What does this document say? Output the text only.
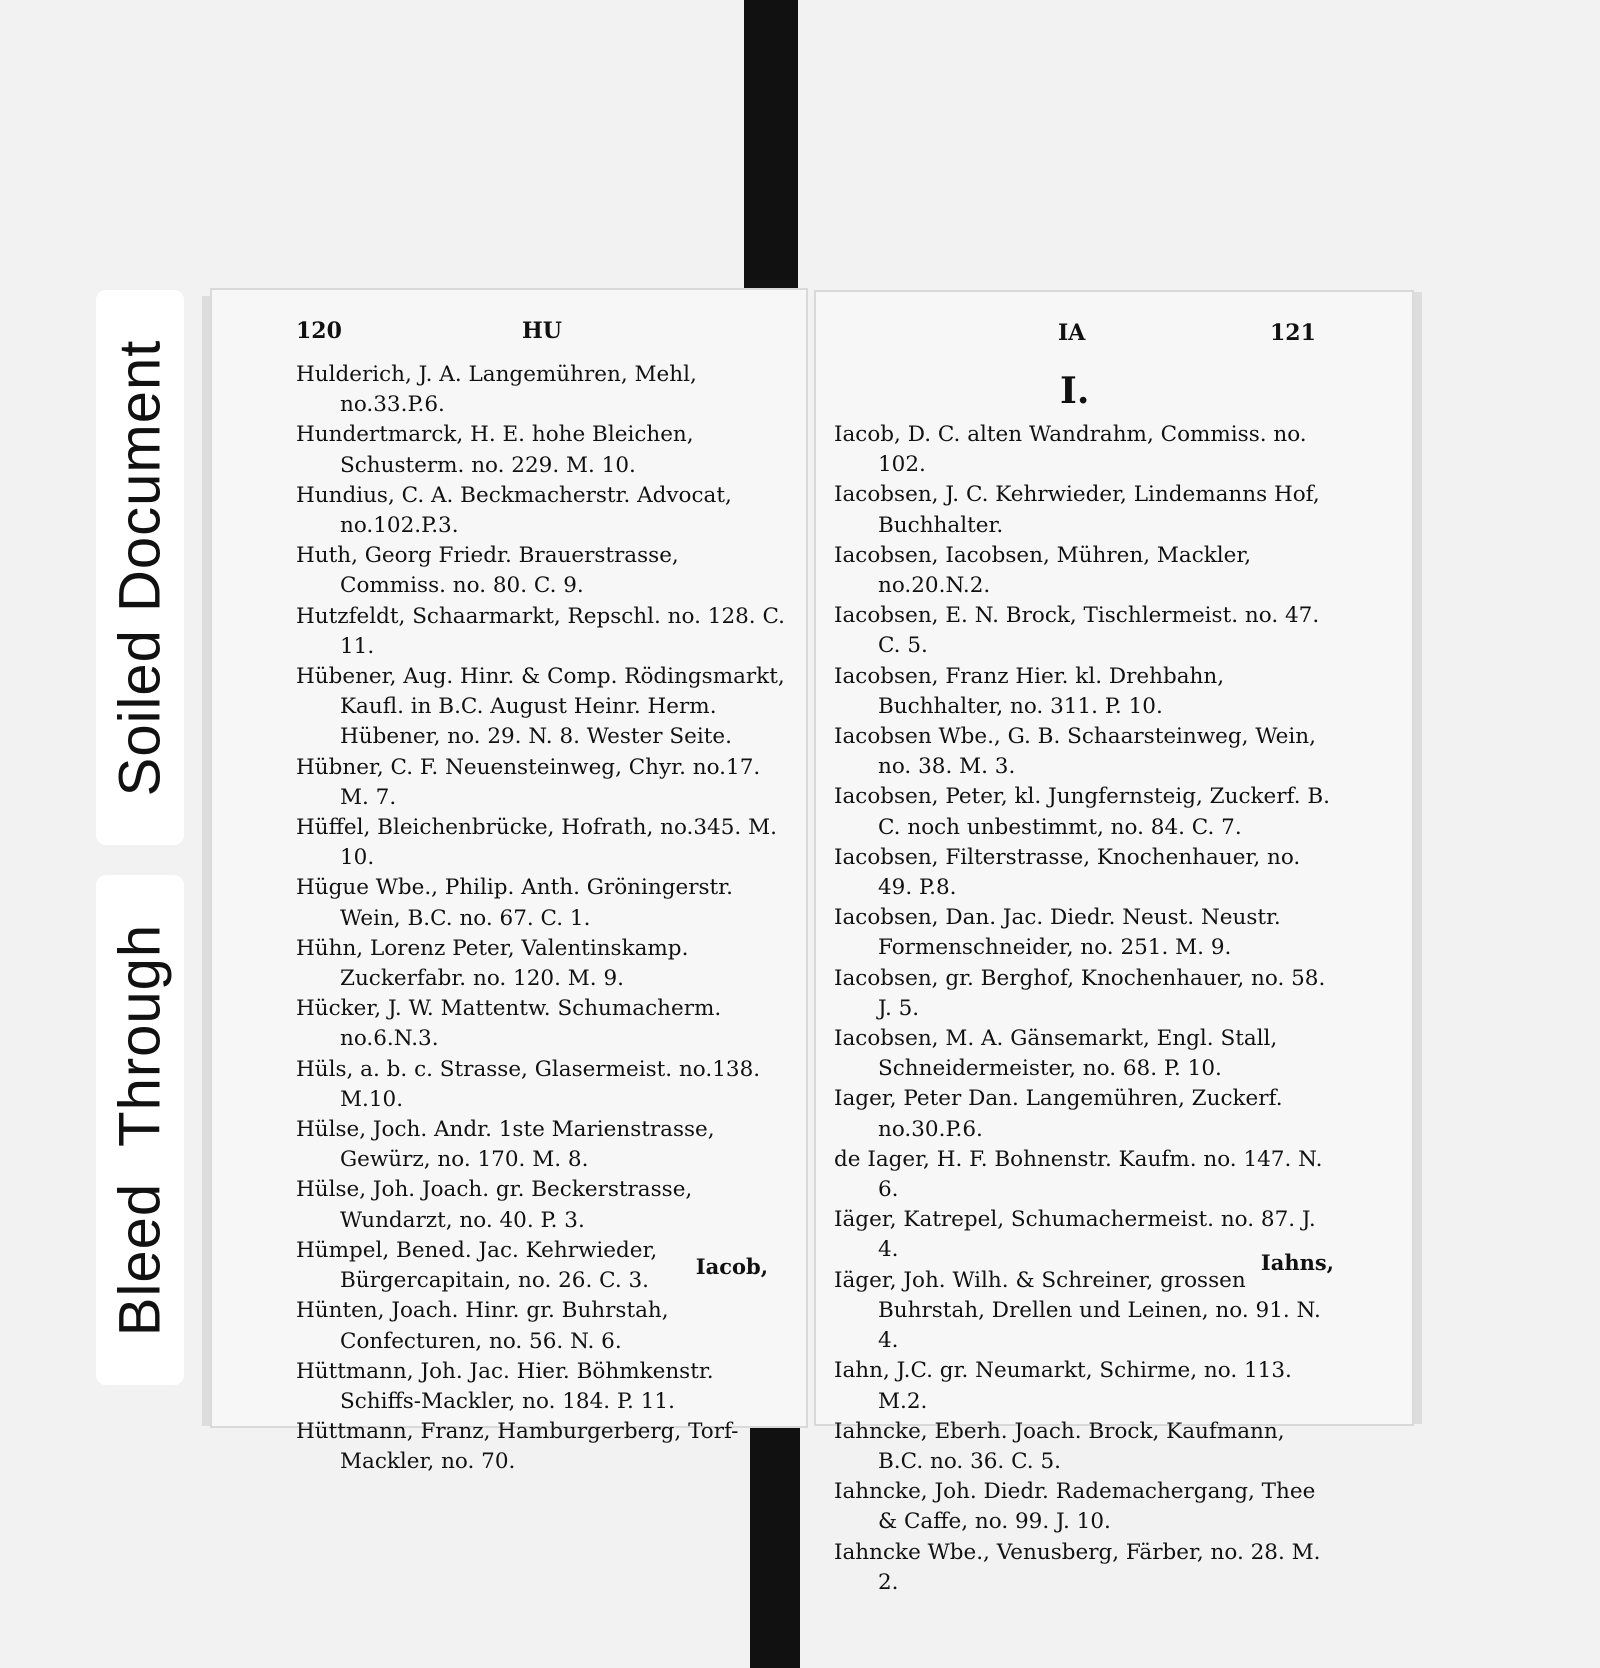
Soiled Document
BleedThrough
120	HU
Hulderich, J. A. Langemühren, Mehl, no.33.P.6.
Hundertmarck, H. E. hohe Bleichen, Schusterm. no. 229. M. 10.
Hundius, C. A. Beckmacherstr. Advocat, no.102.P.3.
Huth, Georg Friedr. Brauerstrasse, Commiss. no. 80. C. 9.
Hutzfeldt, Schaarmarkt, Repschl. no. 128. C. 11.
Hübener, Aug. Hinr. & Comp. Rödingsmarkt, Kaufl. in B.C. August Heinr. Herm. Hübener, no. 29. N. 8. Wester Seite.
Hübner, C. F. Neuensteinweg, Chyr. no.17. M. 7.
Hüffel, Bleichenbrücke, Hofrath, no.345. M. 10.
Hügue Wbe., Philip. Anth. Gröningerstr. Wein, B.C. no. 67. C. 1.
Hühn, Lorenz Peter, Valentinskamp. Zuckerfabr. no. 120. M. 9.
Hücker, J. W. Mattentw. Schumacherm. no.6.N.3.
Hüls, a. b. c. Strasse, Glasermeist. no.138. M.10.
Hülse, Joch. Andr. 1ste Marienstrasse, Gewürz, no. 170. M. 8.
Hülse, Joh. Joach. gr. Beckerstrasse, Wundarzt, no. 40. P. 3.
Hümpel, Bened. Jac. Kehrwieder, Bürgercapitain, no. 26. C. 3.
Hünten, Joach. Hinr. gr. Buhrstah, Confecturen, no. 56. N. 6.
Hüttmann, Joh. Jac. Hier. Böhmkenstr. Schiffs-Mackler, no. 184. P. 11.
Hüttmann, Franz, Hamburgerberg, Torf-Mackler, no. 70.
Iacob,
IA	121
I.
Iacob, D. C. alten Wandrahm, Commiss. no. 102.
Iacobsen, J. C. Kehrwieder, Lindemanns Hof, Buchhalter.
Iacobsen, Iacobsen, Mühren, Mackler, no.20.N.2.
Iacobsen, E. N. Brock, Tischlermeist. no. 47. C. 5.
Iacobsen, Franz Hier. kl. Drehbahn, Buchhalter, no. 311. P. 10.
Iacobsen Wbe., G. B. Schaarsteinweg, Wein, no. 38. M. 3.
Iacobsen, Peter, kl. Jungfernsteig, Zuckerf. B. C. noch unbestimmt, no. 84. C. 7.
Iacobsen, Filterstrasse, Knochenhauer, no. 49. P.8.
Iacobsen, Dan. Jac. Diedr. Neust. Neustr. Formenschneider, no. 251. M. 9.
Iacobsen, gr. Berghof, Knochenhauer, no. 58. J. 5.
Iacobsen, M. A. Gänsemarkt, Engl. Stall, Schneidermeister, no. 68. P. 10.
Iager, Peter Dan. Langemühren, Zuckerf. no.30.P.6.
de Iager, H. F. Bohnenstr. Kaufm. no. 147. N. 6.
Iäger, Katrepel, Schumachermeist. no. 87. J. 4.
Iäger, Joh. Wilh. & Schreiner, grossen Buhrstah, Drellen und Leinen, no. 91. N. 4.
Iahn, J.C. gr. Neumarkt, Schirme, no. 113. M.2.
Iahncke, Eberh. Joach. Brock, Kaufmann, B.C. no. 36. C. 5.
Iahncke, Joh. Diedr. Rademachergang, Thee & Caffe, no. 99. J. 10.
Iahncke Wbe., Venusberg, Färber, no. 28. M. 2.
Iahns,
